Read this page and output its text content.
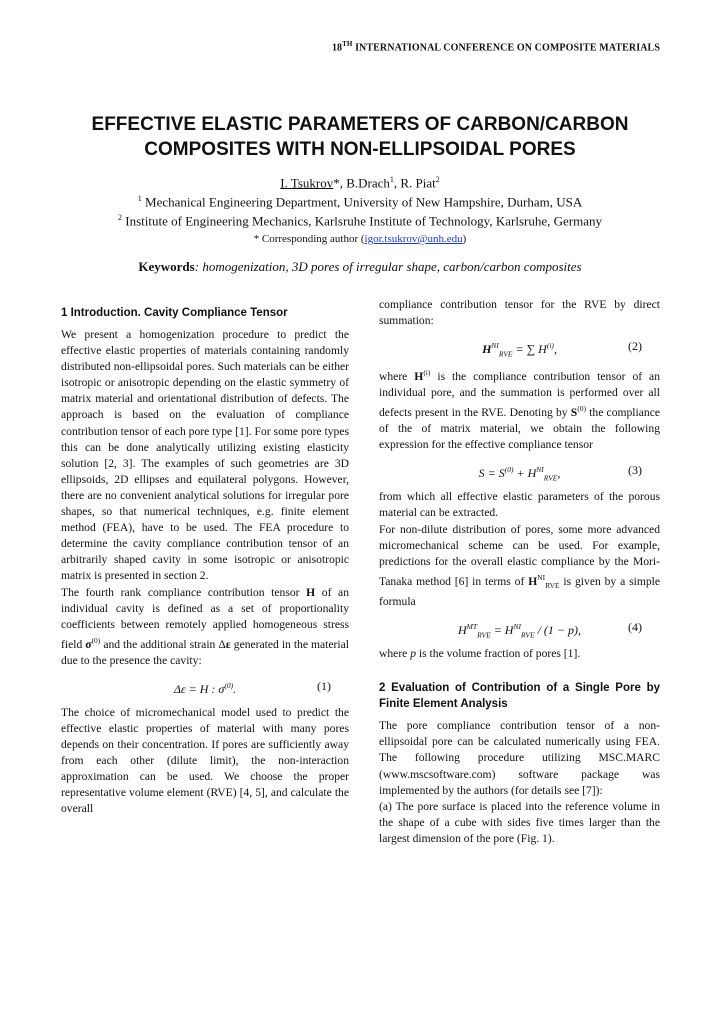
18TH INTERNATIONAL CONFERENCE ON COMPOSITE MATERIALS
EFFECTIVE ELASTIC PARAMETERS OF CARBON/CARBON
COMPOSITES WITH NON-ELLIPSOIDAL PORES
I. Tsukrov*, B.Drach$^1$, R. Piat$^2$
$^1$ Mechanical Engineering Department, University of New Hampshire, Durham, USA
$^2$ Institute of Engineering Mechanics, Karlsruhe Institute of Technology, Karlsruhe, Germany
* Corresponding author (igor.tsukrov@unh.edu)
Keywords: homogenization, 3D pores of irregular shape, carbon/carbon composites
1 Introduction. Cavity Compliance Tensor

We present a homogenization procedure to predict the effective elastic properties of materials containing randomly distributed non-ellipsoidal pores. Such materials can be either isotropic or anisotropic depending on the elastic symmetry of matrix material and orientational distribution of defects. The approach is based on the evaluation of compliance contribution tensor of each pore type [1]. For some pore types this can be done analytically utilizing existing elasticity solution [2, 3]. The examples of such geometries are 3D ellipsoids, 2D ellipses and equilateral polygons. However, there are no convenient analytical solutions for irregular pore shapes, so that numerical techniques, e.g. finite element method (FEA), have to be used. The FEA procedure to determine the cavity compliance contribution tensor of an arbitrarily shaped cavity in some isotropic or anisotropic matrix is presented in section 2.

The fourth rank compliance contribution tensor H of an individual cavity is defined as a set of proportionality coefficients between remotely applied homogeneous stress field $\sigma^{(0)}$ and the additional strain Δε generated in the material due to the presence the cavity:

Δε = H : $\sigma^{(0)}$.	(1)

The choice of micromechanical model used to predict the effective elastic properties of material with many pores depends on their concentration. If pores are sufficiently away from each other (dilute limit), the non-interaction approximation can be used. We choose the proper representative volume element (RVE) [4, 5], and calculate the overall

compliance contribution tensor for the RVE by direct summation:

$H^{NI}_{RVE}$ = ∑ $H^{(i)}$,	(2)

where $H^{(i)}$ is the compliance contribution tensor of an individual pore, and the summation is performed over all defects present in the RVE. Denoting by $S^{(0)}$ the compliance of the of matrix material, we obtain the following expression for the effective compliance tensor

$S = S^{(0)} + H^{NI}_{RVE}$,	(3)

from which all effective elastic parameters of the porous material can be extracted.

For non-dilute distribution of pores, some more advanced micromechanical scheme can be used. For example, predictions for the overall elastic compliance by the Mori-Tanaka method [6] in terms of $H^{NI}_{RVE}$ is given by a simple formula

$H^{MT}_{RVE} = H^{NI}_{RVE} / (1 - p)$,	(4)

where p is the volume fraction of pores [1].

2 Evaluation of Contribution of a Single Pore by Finite Element Analysis

The pore compliance contribution tensor of a non-ellipsoidal pore can be calculated numerically using FEA. The following procedure utilizing MSC.MARC (www.mscsoftware.com) software package was implemented by the authors (for details see [7]):

(a) The pore surface is placed into the reference volume in the shape of a cube with sides five times larger than the largest dimension of the pore (Fig. 1).
